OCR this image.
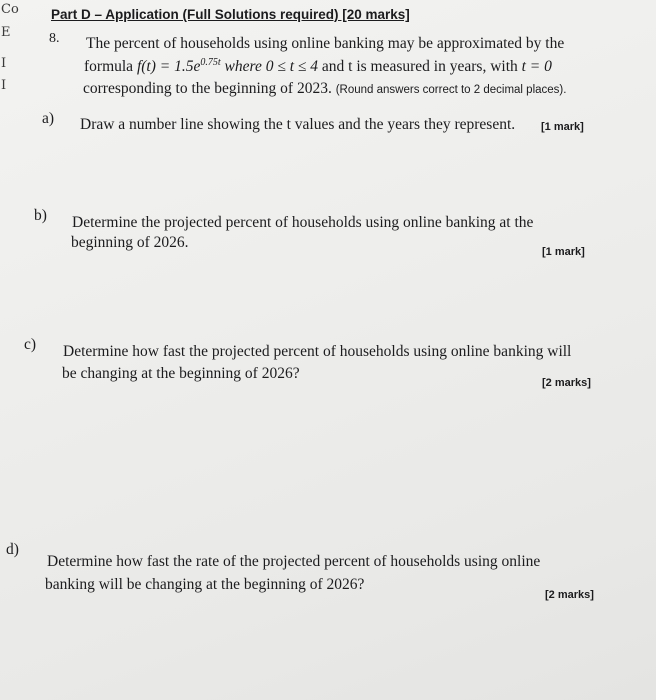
Co
E
I
I
Part D – Application (Full Solutions required) [20 marks]
8. The percent of households using online banking may be approximated by the
formula $f(t) = 1.5e^{0.75t}$ where 0 ≤ t ≤ 4 and t is measured in years, with t = 0
corresponding to the beginning of 2023. (Round answers correct to 2 decimal places).
a) Draw a number line showing the t values and the years they represent. [1 mark]
b) Determine the projected percent of households using online banking at the
beginning of 2026.
[1 mark]
c) Determine how fast the projected percent of households using online banking will
be changing at the beginning of 2026?
[2 marks]
d)
Determine how fast the rate of the projected percent of households using online
banking will be changing at the beginning of 2026?
[2 marks]
